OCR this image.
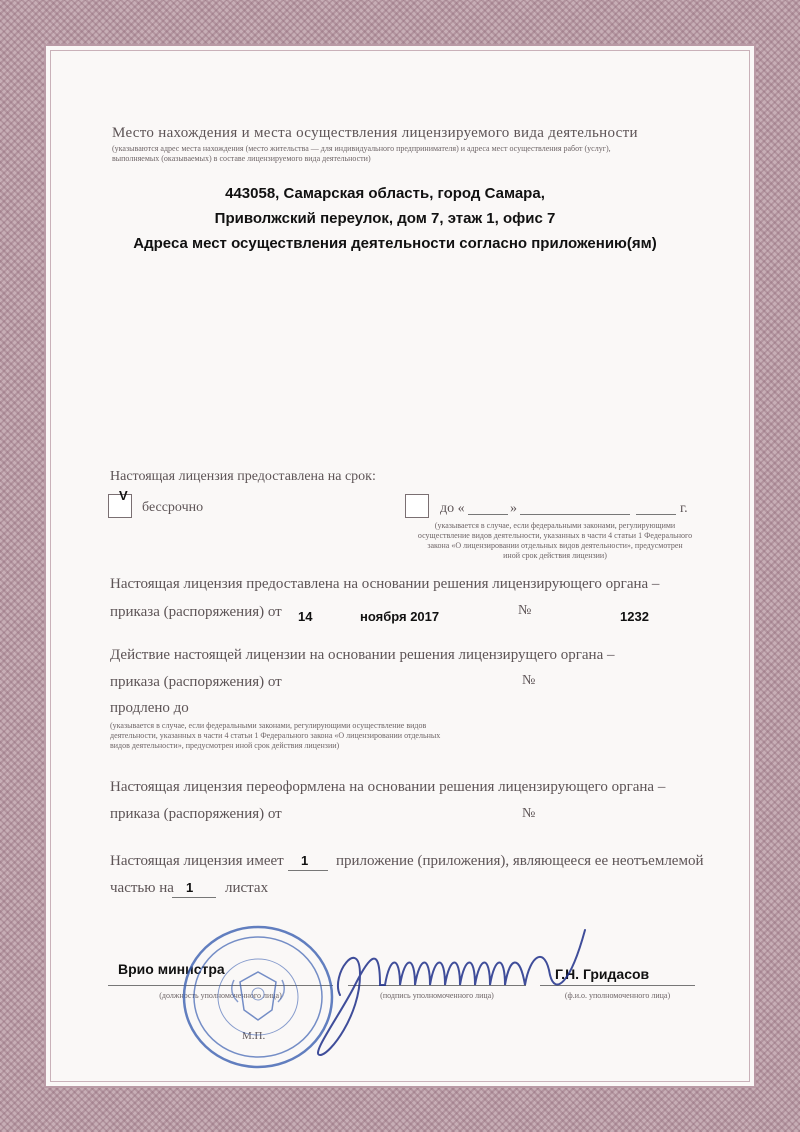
Место нахождения и места осуществления лицензируемого вида деятельности
(указываются адрес места нахождения (место жительства — для индивидуального предпринимателя) и адреса мест осуществления работ (услуг),
выполняемых (оказываемых) в составе лицензируемого вида деятельности)
443058, Самарская область, город Самара,
Приволжский переулок, дом 7, этаж 1, офис 7
Адреса мест осуществления деятельности согласно приложению(ям)
Настоящая лицензия предоставлена на срок:
V
бессрочно	до «	»	г.
(указывается в случае, если федеральными законами, регулирующими
осуществление видов деятельности, указанных в части 4 статьи 1 Федерального
закона «О лицензировании отдельных видов деятельности», предусмотрен
иной срок действия лицензии)
Настоящая лицензия предоставлена на основании решения лицензирующего органа –
приказа (распоряжения) от 14	ноября 2017	№	1232
Действие настоящей лицензии на основании решения лицензирущего органа –
приказа (распоряжения) от	№
продлено до
(указывается в случае, если федеральными законами, регулирующими осуществление видов
деятельности, указанных в части 4 статьи 1 Федерального закона «О лицензировании отдельных
видов деятельности», предусмотрен иной срок действия лицензии)
Настоящая лицензия переоформлена на основании решения лицензирующего органа –
приказа (распоряжения) от	№
Настоящая лицензия имеет 1 приложение (приложения), являющееся ее неотъемлемой
частью на 1 листах
Врио министра	Г.Н. Гридасов
(должность уполномоченного лица)	(подпись уполномоченного лица)	(ф.и.о. уполномоченного лица)
М.П.
